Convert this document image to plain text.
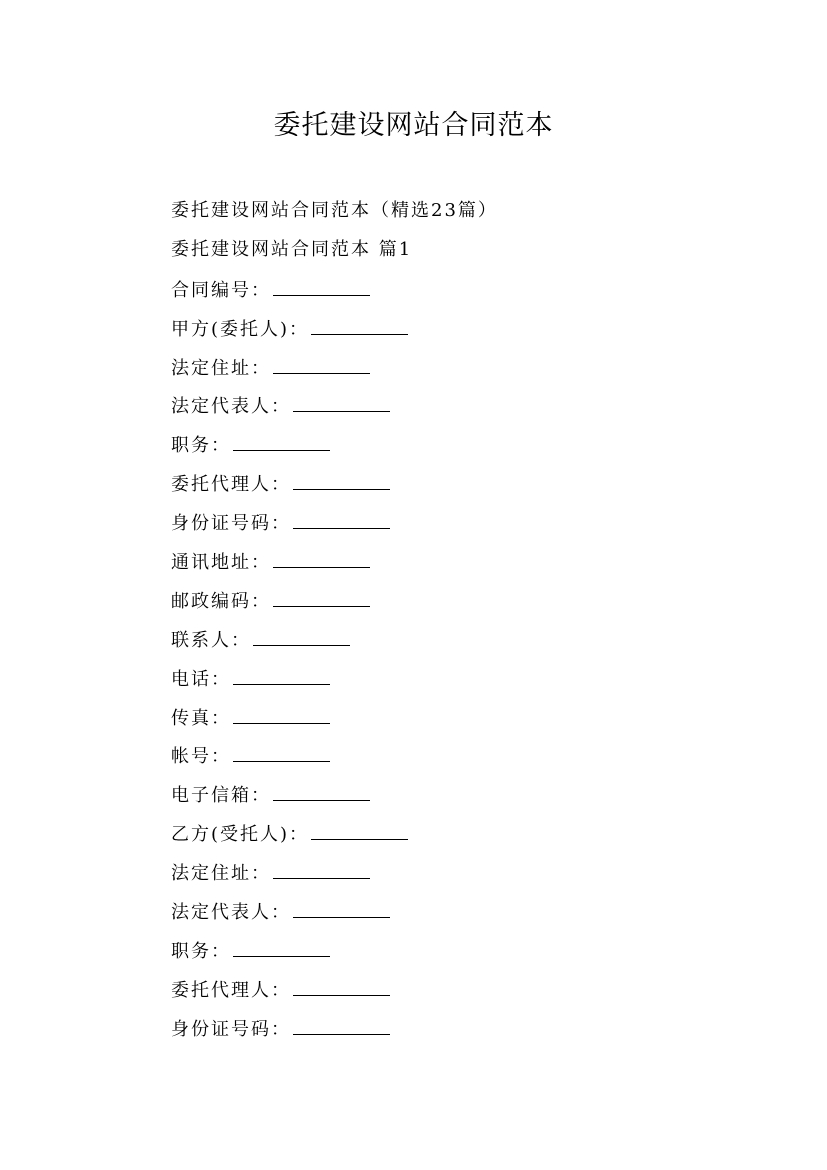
委托建设网站合同范本
委托建设网站合同范本（精选23篇）
委托建设网站合同范本 篇1
合同编号：
甲方(委托人)：
法定住址：
法定代表人：
职务：
委托代理人：
身份证号码：
通讯地址：
邮政编码：
联系人：
电话：
传真：
帐号：
电子信箱：
乙方(受托人)：
法定住址：
法定代表人：
职务：
委托代理人：
身份证号码：
